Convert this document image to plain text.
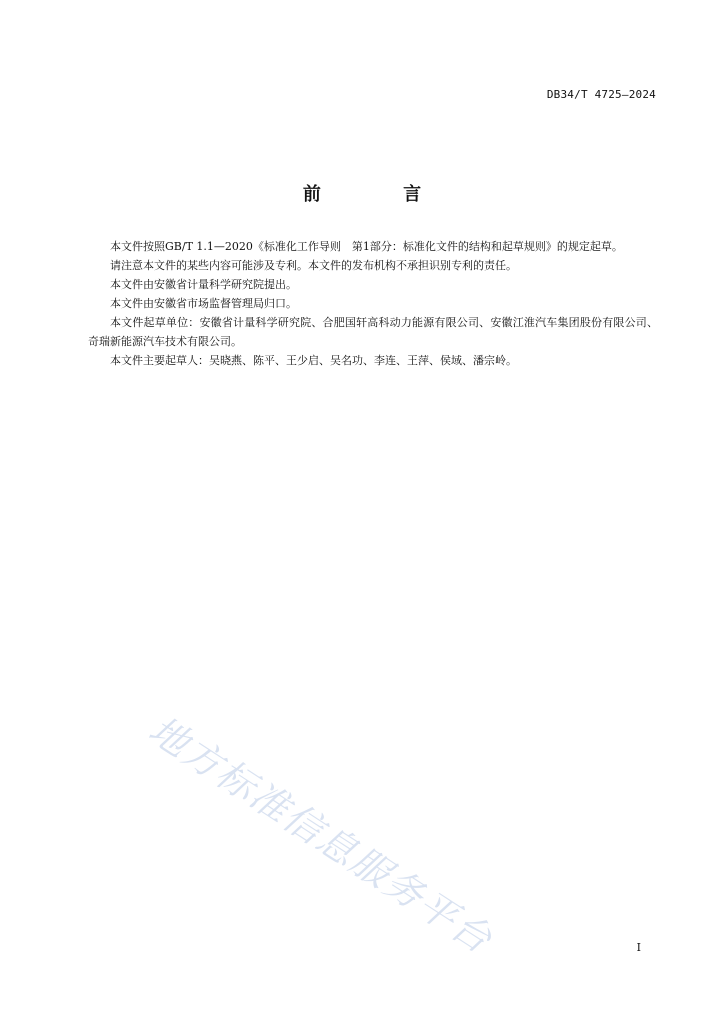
DB34/T 4725—2024
前 言

本文件按照GB/T 1.1—2020《标准化工作导则　第1部分：标准化文件的结构和起草规则》的规定起草。

请注意本文件的某些内容可能涉及专利。本文件的发布机构不承担识别专利的责任。

本文件由安徽省计量科学研究院提出。

本文件由安徽省市场监督管理局归口。

本文件起草单位：安徽省计量科学研究院、合肥国轩高科动力能源有限公司、安徽江淮汽车集团股份有限公司、奇瑞新能源汽车技术有限公司。

本文件主要起草人：吴晓燕、陈平、王少启、吴名功、李连、王萍、侯域、潘宗岭。

地方标准信息服务平台	I
